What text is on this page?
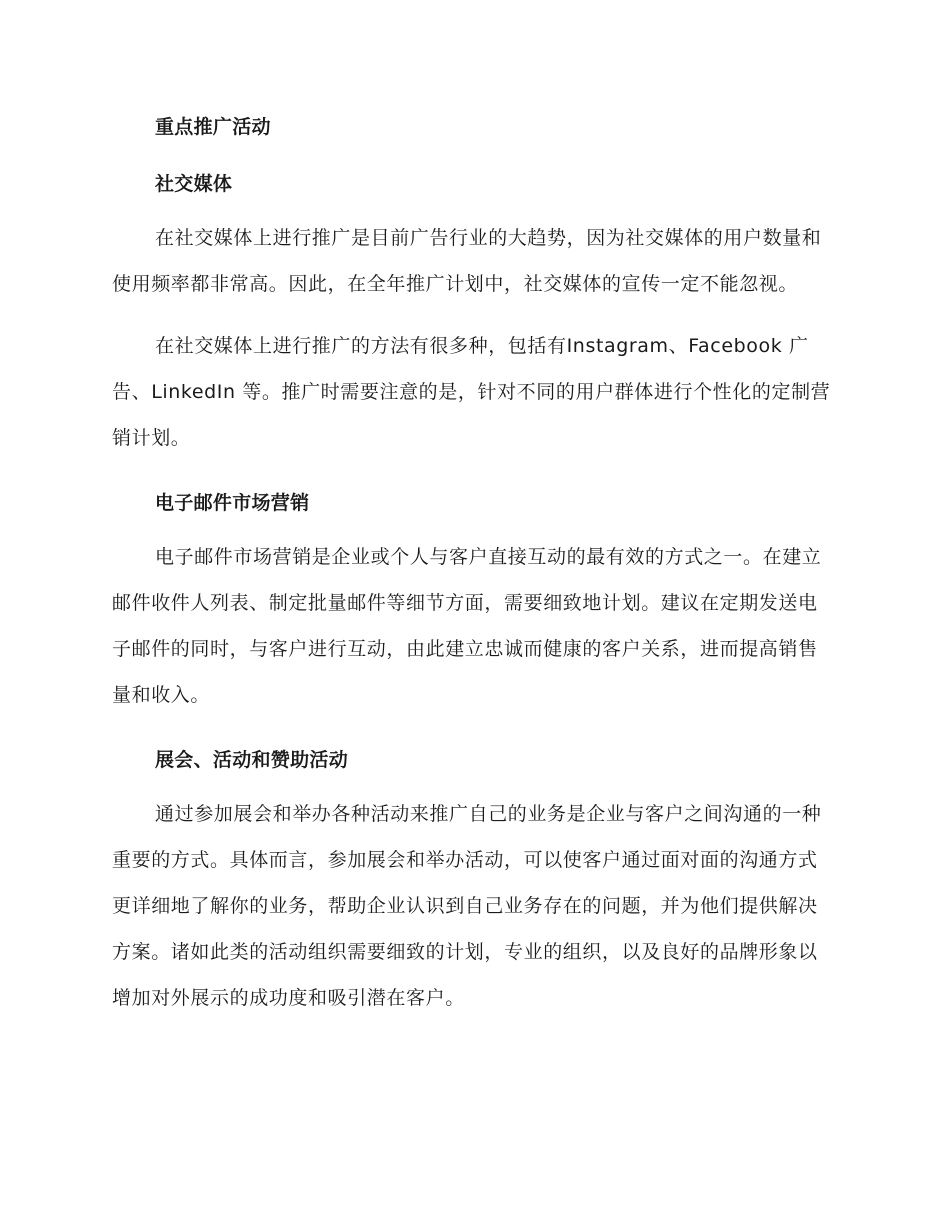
重点推广活动
社交媒体

在社交媒体上进行推广是目前广告行业的大趋势，因为社交媒体的用户数量和使用频率都非常高。因此，在全年推广计划中，社交媒体的宣传一定不能忽视。

在社交媒体上进行推广的方法有很多种，包括有Instagram、Facebook 广告、LinkedIn 等。推广时需要注意的是，针对不同的用户群体进行个性化的定制营销计划。

电子邮件市场营销

电子邮件市场营销是企业或个人与客户直接互动的最有效的方式之一。在建立邮件收件人列表、制定批量邮件等细节方面，需要细致地计划。建议在定期发送电子邮件的同时，与客户进行互动，由此建立忠诚而健康的客户关系，进而提高销售量和收入。

展会、活动和赞助活动

通过参加展会和举办各种活动来推广自己的业务是企业与客户之间沟通的一种重要的方式。具体而言，参加展会和举办活动，可以使客户通过面对面的沟通方式更详细地了解你的业务，帮助企业认识到自己业务存在的问题，并为他们提供解决方案。诸如此类的活动组织需要细致的计划，专业的组织，以及良好的品牌形象以增加对外展示的成功度和吸引潜在客户。
